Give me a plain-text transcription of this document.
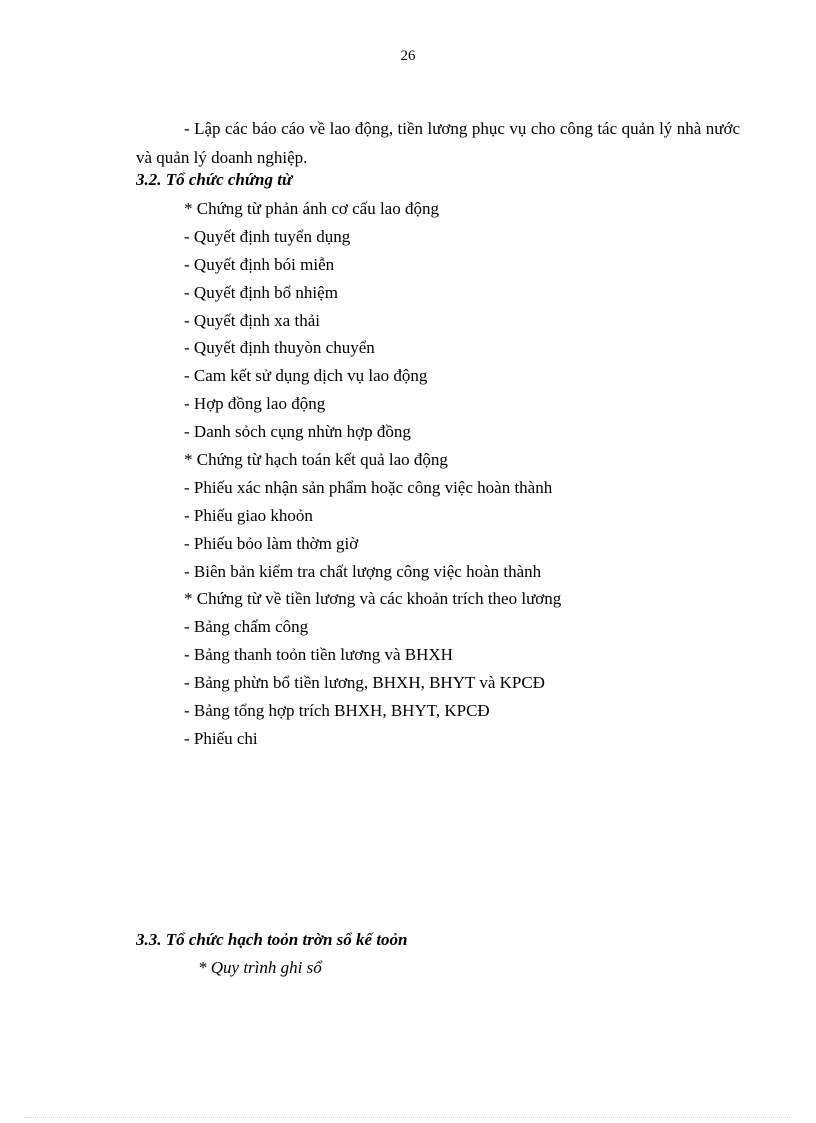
26

- Lập các báo cáo về lao động, tiền lương phục vụ cho công tác quản lý nhà nước và quản lý doanh nghiệp.

3.2. Tổ chức chứng từ
* Chứng từ phản ánh cơ cấu lao động
- Quyết định tuyển dụng
- Quyết định bói miễn
- Quyết định bổ nhiệm
- Quyết định xa thải
- Quyết định thuyòn chuyển
- Cam kết sử dụng dịch vụ lao động
- Hợp đồng lao động
- Danh sỏch cụng nhừn hợp đồng
* Chứng từ hạch toán kết quả lao động
- Phiếu xác nhận sản phẩm hoặc công việc hoàn thành
- Phiếu giao khoỏn
- Phiếu bỏo làm thờm giờ
- Biên bản kiểm tra chất lượng công việc hoàn thành
* Chứng từ về tiền lương và các khoản trích theo lương
- Bảng chấm công
- Bảng thanh toỏn tiền lương và BHXH
- Bảng phừn bổ tiền lương, BHXH, BHYT và KPCĐ
- Bảng tổng hợp trích BHXH, BHYT, KPCĐ
- Phiếu chi
3.3. Tổ chức hạch toỏn trờn sổ kế toỏn

* Quy trình ghi sổ
